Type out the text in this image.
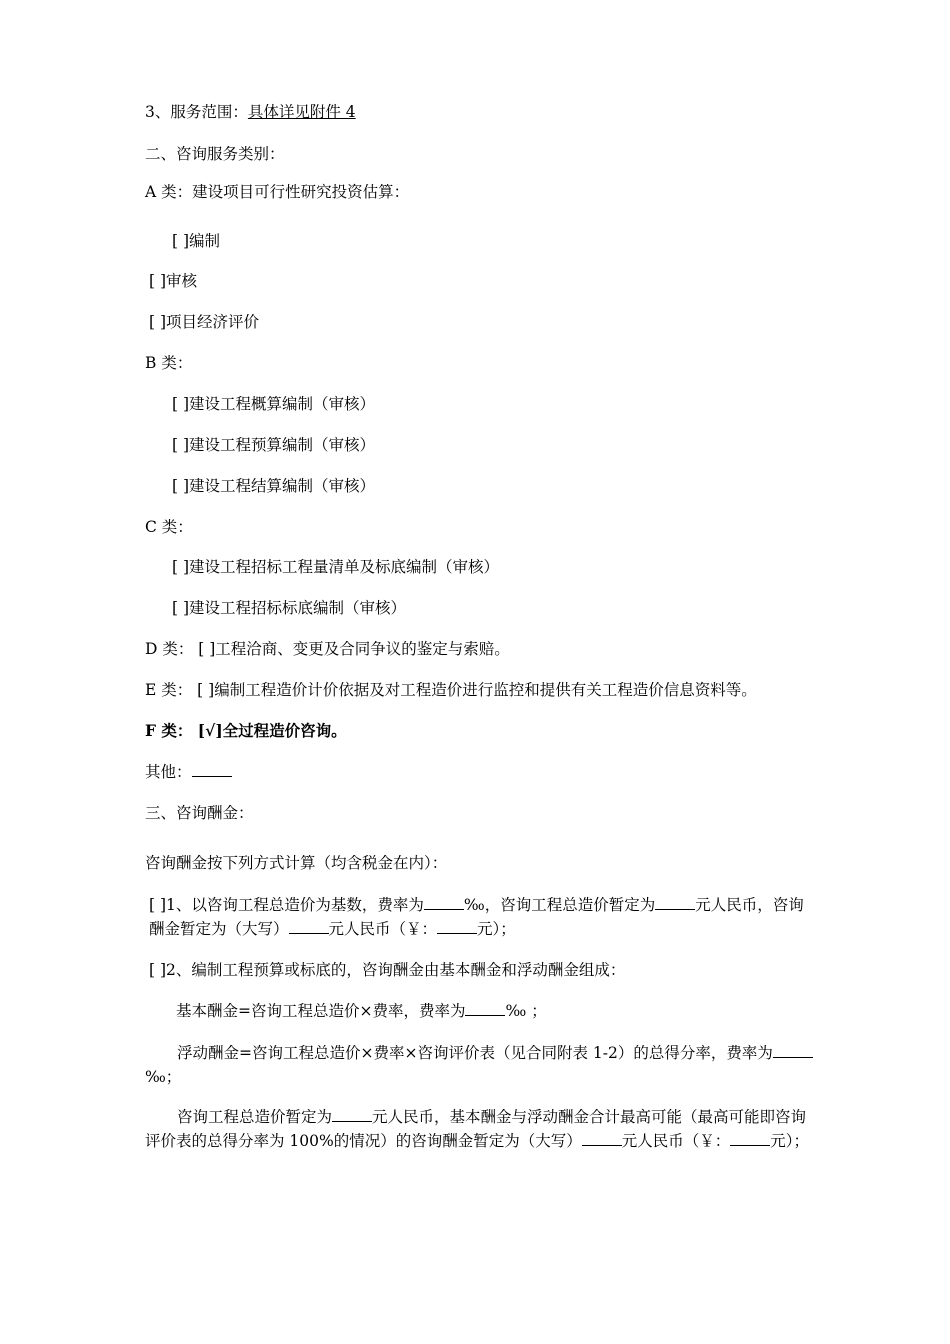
3、服务范围：具体详见附件 4
二、咨询服务类别：
A 类：建设项目可行性研究投资估算：
[ ]编制
[ ]审核
[ ]项目经济评价
B 类：
[ ]建设工程概算编制（审核）
[ ]建设工程预算编制（审核）
[ ]建设工程结算编制（审核）
C 类：
[ ]建设工程招标工程量清单及标底编制（审核）
[ ]建设工程招标标底编制（审核）
D 类： [ ]工程洽商、变更及合同争议的鉴定与索赔。
E 类： [ ]编制工程造价计价依据及对工程造价进行监控和提供有关工程造价信息资料等。
F 类： [√]全过程造价咨询。
其他：
三、咨询酬金：
咨询酬金按下列方式计算（均含税金在内）：
[ ]1、以咨询工程总造价为基数，费率为	‰，咨询工程总造价暂定为	元人民币，咨询酬金暂定为（大写）	元人民币（￥：	元）；
[ ]2、编制工程预算或标底的，咨询酬金由基本酬金和浮动酬金组成：
基本酬金=咨询工程总造价×费率，费率为	‰ ；
浮动酬金=咨询工程总造价×费率×咨询评价表（见合同附表 1-2）的总得分率，费率为‰；
咨询工程总造价暂定为	元人民币，基本酬金与浮动酬金合计最高可能（最高可能即咨询评价表的总得分率为 100%的情况）的咨询酬金暂定为（大写）	元人民币（￥：	元）；
